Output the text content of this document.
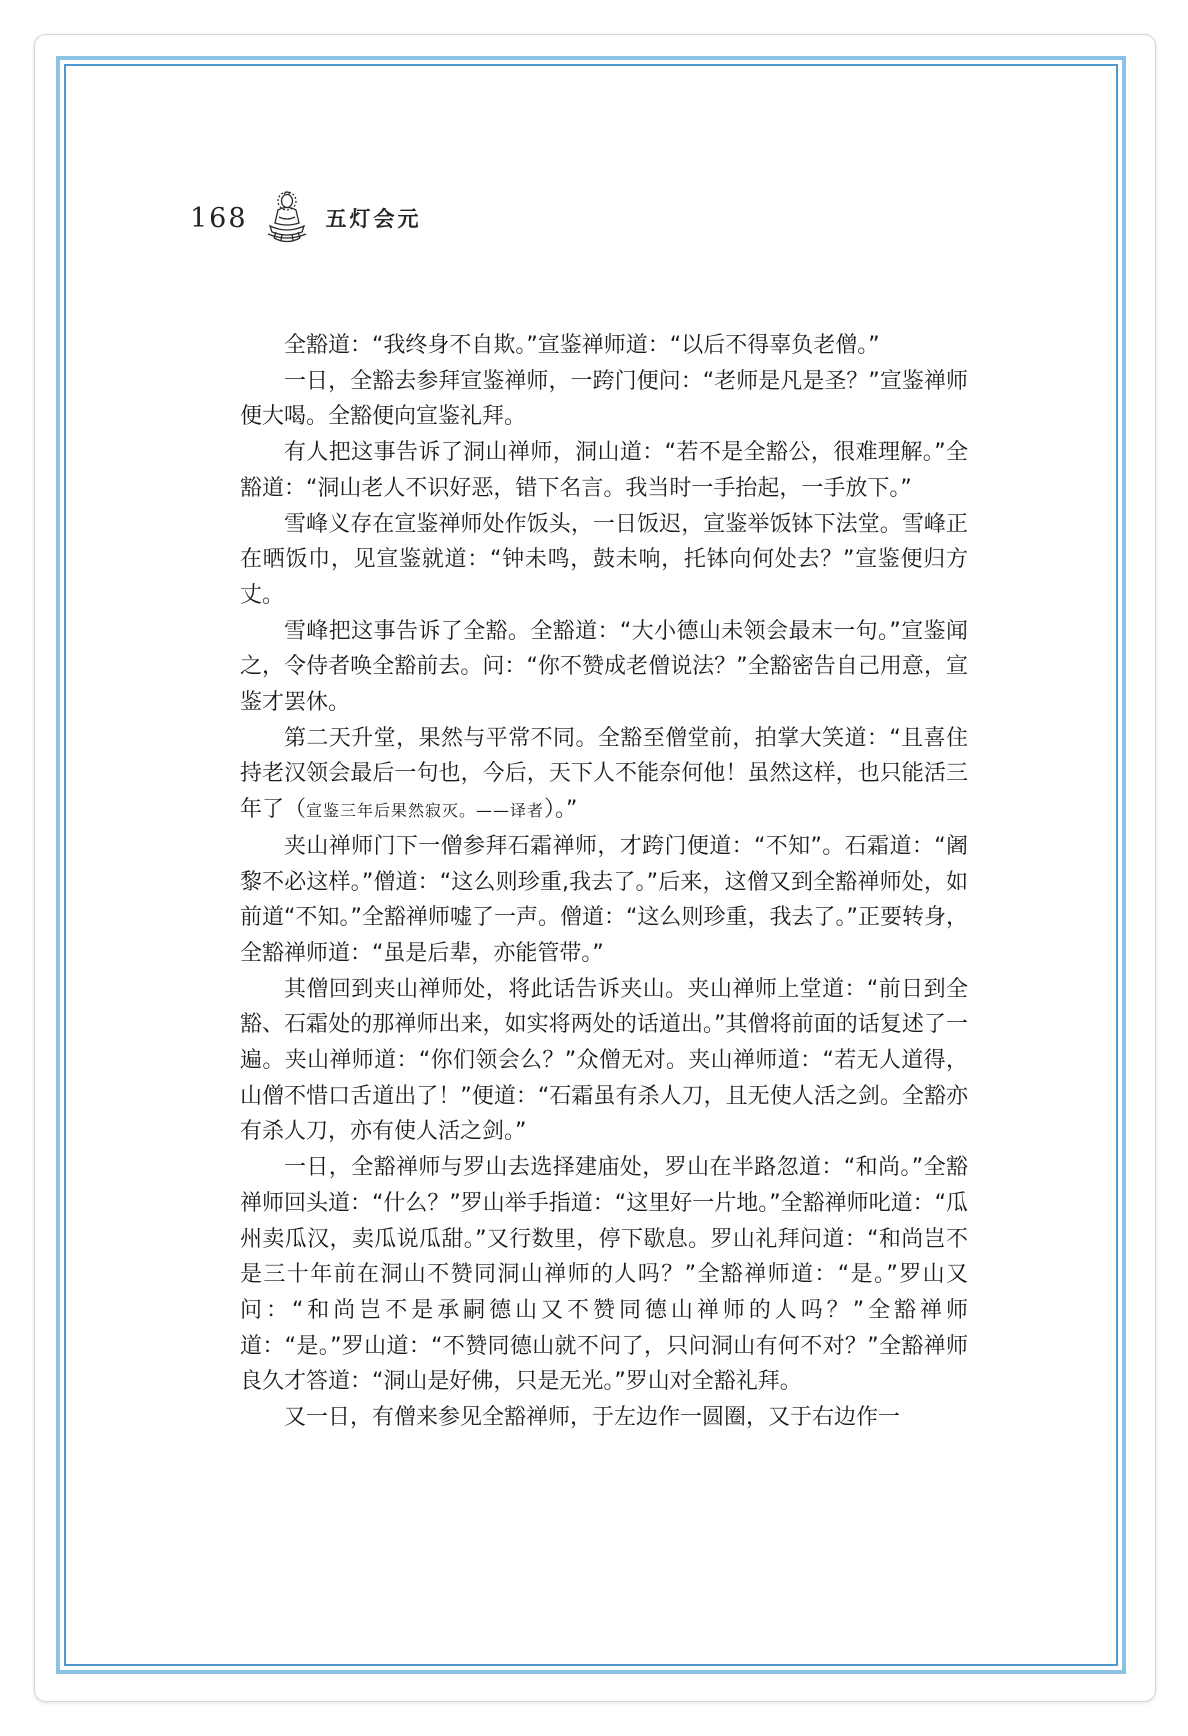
168	五灯会元

全豁道：“我终身不自欺。”宣鉴禅师道：“以后不得辜负老僧。”

一日，全豁去参拜宣鉴禅师，一跨门便问：“老师是凡是圣？”宣鉴禅师便大喝。全豁便向宣鉴礼拜。

有人把这事告诉了洞山禅师，洞山道：“若不是全豁公，很难理解。”全豁道：“洞山老人不识好恶，错下名言。我当时一手抬起，一手放下。”

雪峰义存在宣鉴禅师处作饭头，一日饭迟，宣鉴举饭钵下法堂。雪峰正在晒饭巾，见宣鉴就道：“钟未鸣，鼓未响，托钵向何处去？”宣鉴便归方丈。

雪峰把这事告诉了全豁。全豁道：“大小德山未领会最末一句。”宣鉴闻之，令侍者唤全豁前去。问：“你不赞成老僧说法？”全豁密告自己用意，宣鉴才罢休。

第二天升堂，果然与平常不同。全豁至僧堂前，拍掌大笑道：“且喜住持老汉领会最后一句也，今后，天下人不能奈何他！虽然这样，也只能活三年了（宣鉴三年后果然寂灭。——译者）。”

夹山禅师门下一僧参拜石霜禅师，才跨门便道：“不知”。石霜道：“阇黎不必这样。”僧道：“这么则珍重,我去了。”后来，这僧又到全豁禅师处，如前道“不知。”全豁禅师嘘了一声。僧道：“这么则珍重，我去了。”正要转身，全豁禅师道：“虽是后辈，亦能管带。”

其僧回到夹山禅师处，将此话告诉夹山。夹山禅师上堂道：“前日到全豁、石霜处的那禅师出来，如实将两处的话道出。”其僧将前面的话复述了一遍。夹山禅师道：“你们领会么？”众僧无对。夹山禅师道：“若无人道得，山僧不惜口舌道出了！”便道：“石霜虽有杀人刀，且无使人活之剑。全豁亦有杀人刀，亦有使人活之剑。”

一日，全豁禅师与罗山去选择建庙处，罗山在半路忽道：“和尚。”全豁禅师回头道：“什么？”罗山举手指道：“这里好一片地。”全豁禅师叱道：“瓜州卖瓜汉，卖瓜说瓜甜。”又行数里，停下歇息。罗山礼拜问道：“和尚岂不是三十年前在洞山不赞同洞山禅师的人吗？”全豁禅师道：“是。”罗山又问：“和尚岂不是承嗣德山又不赞同德山禅师的人吗？”全豁禅师道：“是。”罗山道：“不赞同德山就不问了，只问洞山有何不对？”全豁禅师良久才答道：“洞山是好佛，只是无光。”罗山对全豁礼拜。

又一日，有僧来参见全豁禅师，于左边作一圆圈，又于右边作一
